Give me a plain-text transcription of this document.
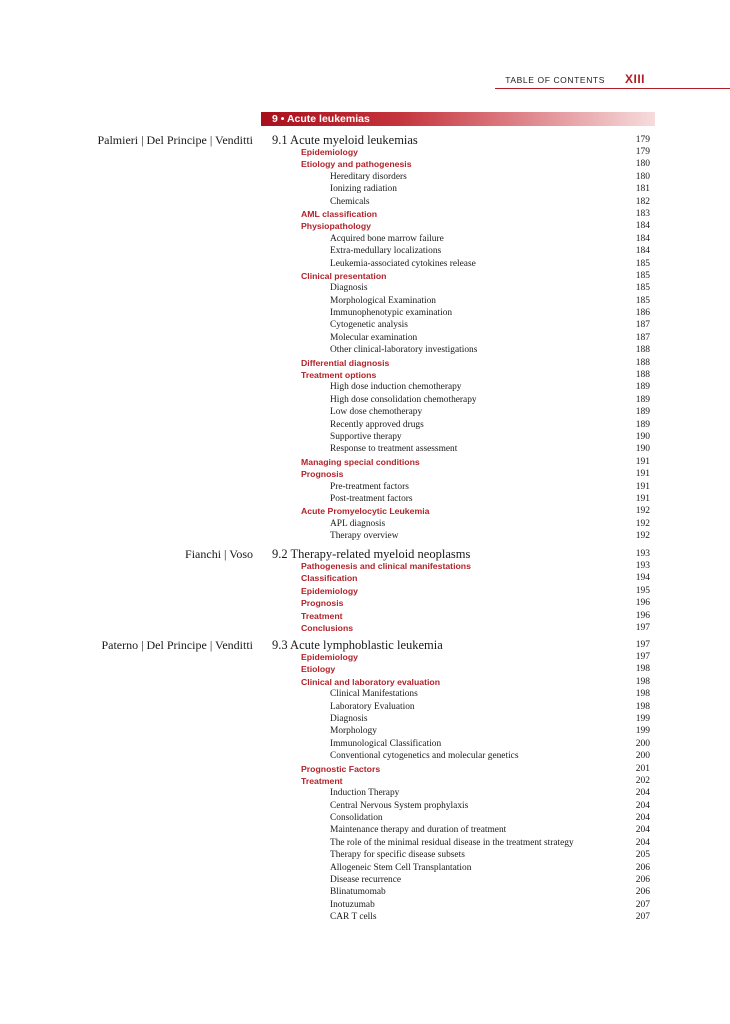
TABLE OF CONTENTS XIII
9 • Acute leukemias
Palmieri | Del Principe | Venditti 9.1 Acute myeloid leukemias	179
Epidemiology	179
Etiology and pathogenesis	180
Hereditary disorders	180
Ionizing radiation	181
Chemicals	182
AML classification	183
Physiopathology	184
Acquired bone marrow failure	184
Extra-medullary localizations	184
Leukemia-associated cytokines release	185
Clinical presentation	185
Diagnosis	185
Morphological Examination	185
Immunophenotypic examination	186
Cytogenetic analysis	187
Molecular examination	187
Other clinical-laboratory investigations	188
Differential diagnosis	188
Treatment options	188
High dose induction chemotherapy	189
High dose consolidation chemotherapy	189
Low dose chemotherapy	189
Recently approved drugs	189
Supportive therapy	190
Response to treatment assessment	190
Managing special conditions	191
Prognosis	191
Pre-treatment factors	191
Post-treatment factors	191
Acute Promyelocytic Leukemia	192
APL diagnosis	192
Therapy overview	192
Fianchi | Voso 9.2 Therapy-related myeloid neoplasms	193
Pathogenesis and clinical manifestations	193
Classification	194
Epidemiology	195
Prognosis	196
Treatment	196
Conclusions	197
Paterno | Del Principe | Venditti 9.3 Acute lymphoblastic leukemia	197
Epidemiology	197
Etiology	198
Clinical and laboratory evaluation	198
Clinical Manifestations	198
Laboratory Evaluation	198
Diagnosis	199
Morphology	199
Immunological Classification	200
Conventional cytogenetics and molecular genetics	200
Prognostic Factors	201
Treatment	202
Induction Therapy	204
Central Nervous System prophylaxis	204
Consolidation	204
Maintenance therapy and duration of treatment	204
The role of the minimal residual disease in the treatment strategy	204
Therapy for specific disease subsets	205
Allogeneic Stem Cell Transplantation	206
Disease recurrence	206
Blinatumomab	206
Inotuzumab	207
CAR T cells	207
